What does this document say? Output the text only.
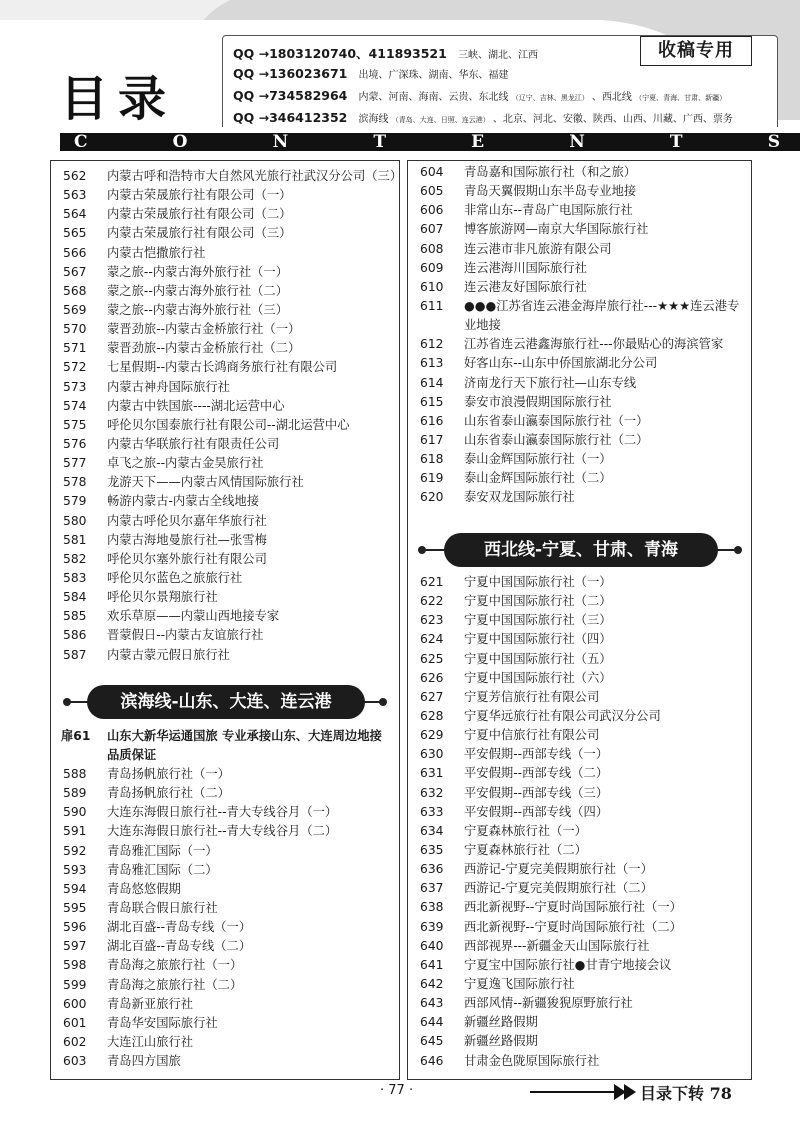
目录
QQ →1803120740、411893521 三峡、湖北、江西
QQ →136023671 出境、广深珠、湖南、华东、福建
QQ →734582964 内蒙、河南、海南、云贵、东北线 （辽宁、吉林、黑龙江） 、西北线 （宁夏、青海、甘肃、新疆）
QQ →346412352 滨海线 （青岛、大连、日照、连云港） 、北京、河北、安徽、陕西、山西、川藏、广西、票务
收稿专用
C	O	N	T	E	N	T	S
562	内蒙古呼和浩特市大自然风光旅行社武汉分公司（三）
563	内蒙古荣晟旅行社有限公司（一）
564	内蒙古荣晟旅行社有限公司（二）
565	内蒙古荣晟旅行社有限公司（三）
566	内蒙古恺撒旅行社
567	蒙之旅--内蒙古海外旅行社（一）
568	蒙之旅--内蒙古海外旅行社（二）
569	蒙之旅--内蒙古海外旅行社（三）
570	蒙晋劲旅--内蒙古金桥旅行社（一）
571	蒙晋劲旅--内蒙古金桥旅行社（二）
572	七星假期--内蒙古长鸿商务旅行社有限公司
573	内蒙古神舟国际旅行社
574	内蒙古中铁国旅----湖北运营中心
575	呼伦贝尔国泰旅行社有限公司--湖北运营中心
576	内蒙古华联旅行社有限责任公司
577	卓飞之旅--内蒙古金昊旅行社
578	龙游天下——内蒙古风情国际旅行社
579	畅游内蒙古-内蒙古全线地接
580	内蒙古呼伦贝尔嘉年华旅行社
581	内蒙古海地曼旅行社—张雪梅
582	呼伦贝尔塞外旅行社有限公司
583	呼伦贝尔蓝色之旅旅行社
584	呼伦贝尔景翔旅行社
585	欢乐草原——内蒙山西地接专家
586	晋蒙假日--内蒙古友谊旅行社
587	内蒙古蒙元假日旅行社
滨海线-山东、大连、连云港
扉61 山东大新华运通国旅 专业承接山东、大连周边地接 品质保证
588	青岛扬帆旅行社（一）
589	青岛扬帆旅行社（二）
590	大连东海假日旅行社--青大专线谷月（一）
591	大连东海假日旅行社--青大专线谷月（二）
592	青岛雅汇国际（一）
593	青岛雅汇国际（二）
594	青岛悠悠假期
595	青岛联合假日旅行社
596	湖北百盛--青岛专线（一）
597	湖北百盛--青岛专线（二）
598	青岛海之旅旅行社（一）
599	青岛海之旅旅行社（二）
600	青岛新亚旅行社
601	青岛华安国际旅行社
602	大连江山旅行社
603	青岛四方国旅
604	青岛嘉和国际旅行社（和之旅）
605	青岛天翼假期山东半岛专业地接
606	非常山东--青岛广电国际旅行社
607	博客旅游网—南京大华国际旅行社
608	连云港市非凡旅游有限公司
609	连云港海川国际旅行社
610	连云港友好国际旅行社
611	●●●江苏省连云港金海岸旅行社---★★★连云港专业地接
612	江苏省连云港鑫海旅行社---你最贴心的海滨管家
613	好客山东--山东中侨国旅湖北分公司
614	济南龙行天下旅行社—山东专线
615	泰安市浪漫假期国际旅行社
616	山东省泰山瀛泰国际旅行社（一）
617	山东省泰山瀛泰国际旅行社（二）
618	泰山金辉国际旅行社（一）
619	泰山金辉国际旅行社（二）
620	泰安双龙国际旅行社
西北线-宁夏、甘肃、青海
621	宁夏中国国际旅行社（一）
622	宁夏中国国际旅行社（二）
623	宁夏中国国际旅行社（三）
624	宁夏中国国际旅行社（四）
625	宁夏中国国际旅行社（五）
626	宁夏中国国际旅行社（六）
627	宁夏芳信旅行社有限公司
628	宁夏华远旅行社有限公司武汉分公司
629	宁夏中信旅行社有限公司
630	平安假期--西部专线（一）
631	平安假期--西部专线（二）
632	平安假期--西部专线（三）
633	平安假期--西部专线（四）
634	宁夏森林旅行社（一）
635	宁夏森林旅行社（二）
636	西游记-宁夏完美假期旅行社（一）
637	西游记-宁夏完美假期旅行社（二）
638	西北新视野--宁夏时尚国际旅行社（一）
639	西北新视野--宁夏时尚国际旅行社（二）
640	西部视界---新疆金天山国际旅行社
641	宁夏宝中国际旅行社●甘青宁地接会议
642	宁夏逸飞国际旅行社
643	西部风情--新疆狻猊原野旅行社
644	新疆丝路假期
645	新疆丝路假期
646	甘肃金色陇原国际旅行社
· 77 ·	目录下转 78
